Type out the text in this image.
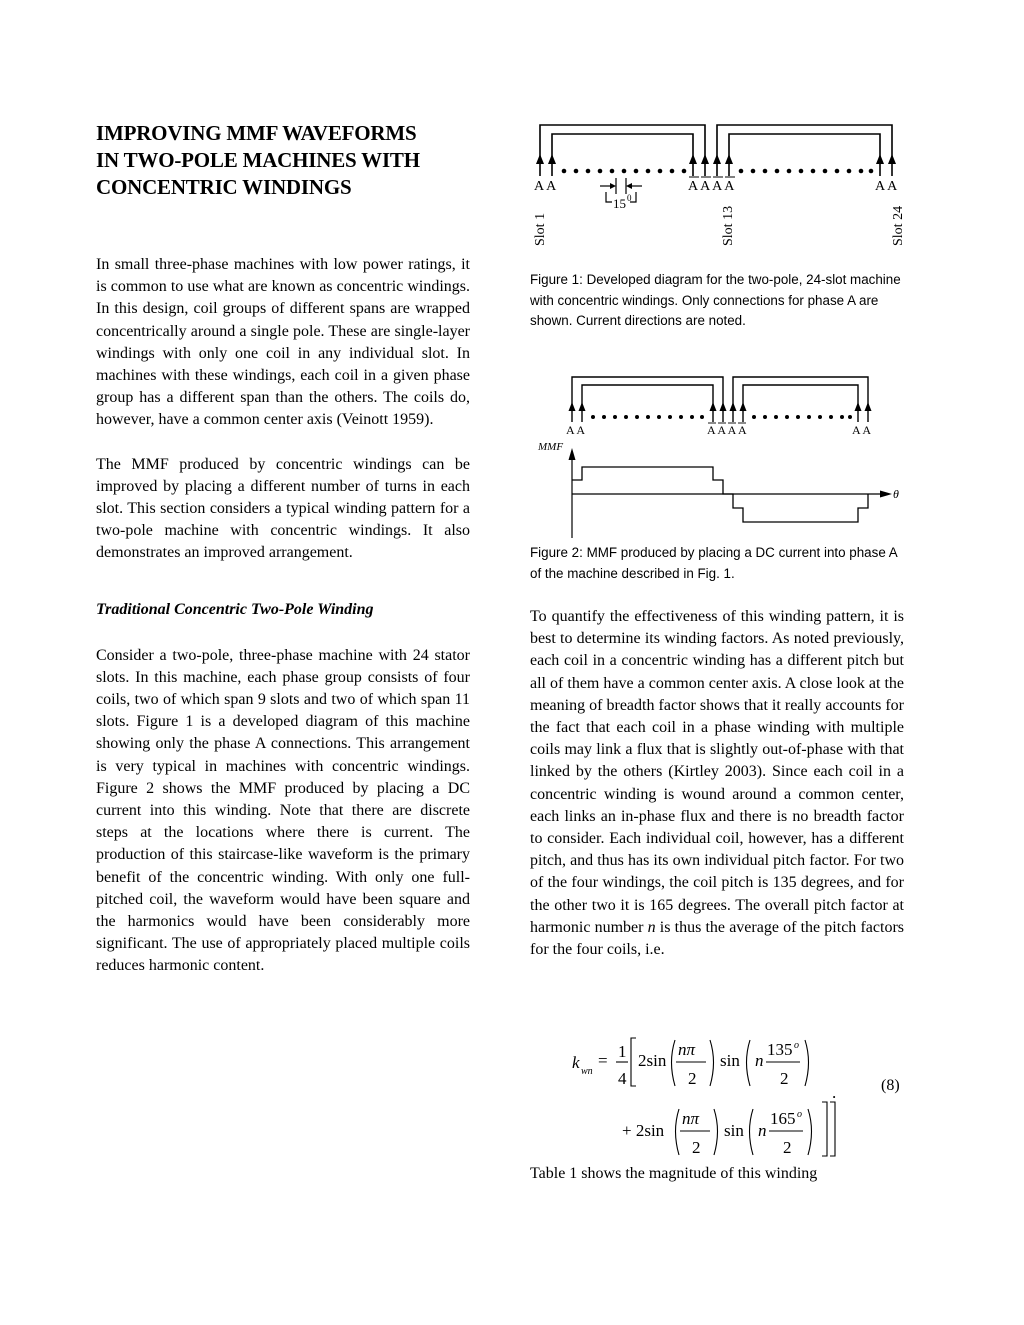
IMPROVING MMF WAVEFORMS
IN TWO-POLE MACHINES WITH
CONCENTRIC WINDINGS

In small three-phase machines with low power ratings, it is common to use what are known as concentric windings. In this design, coil groups of different spans are wrapped concentrically around a single pole. These are single-layer windings with only one coil in any individual slot. In machines with these windings, each coil in a given phase group has a different span than the others. The coils do, however, have a common center axis (Veinott 1959).

The MMF produced by concentric windings can be improved by placing a different number of turns in each slot. This section considers a typical winding pattern for a two-pole machine with concentric windings. It also demonstrates an improved arrangement.

Traditional Concentric Two-Pole Winding

Consider a two-pole, three-phase machine with 24 stator slots. In this machine, each phase group consists of four coils, two of which span 9 slots and two of which span 11 slots. Figure 1 is a developed diagram of this machine showing only the phase A connections. This arrangement is very typical in machines with concentric windings. Figure 2 shows the MMF produced by placing a DC current into this winding. Note that there are discrete steps at the locations where there is current. The production of this staircase-like waveform is the primary benefit of the concentric winding. With only one full-pitched coil, the waveform would have been square and the harmonics would have been considerably more significant. The use of appropriately placed multiple coils reduces harmonic content.

A A	A A A A	A A
15 0
Slot 1	Slot 13	Slot 24

Figure 1: Developed diagram for the two-pole, 24-slot machine with concentric windings. Only connections for phase A are shown. Current directions are noted.

A A	A A A A	A A
MMF
θ

Figure 2: MMF produced by placing a DC current into phase A of the machine described in Fig. 1.

To quantify the effectiveness of this winding pattern, it is best to determine its winding factors. As noted previously, each coil in a concentric winding has a different pitch but all of them have a common center axis. A close look at the meaning of breadth factor shows that it really accounts for the fact that each coil in a phase winding with multiple coils may link a flux that is slightly out-of-phase with that linked by the others (Kirtley 2003). Since each coil in a concentric winding is wound around a common center, each links an in-phase flux and there is no breadth factor to consider. Each individual coil, however, has a different pitch, and thus has its own individual pitch factor. For two of the four windings, the coil pitch is 135 degrees, and for the other two it is 165 degrees. The overall pitch factor at harmonic number n is thus the average of the pitch factors for the four coils, i.e.

k wn
= 1
4
2sin
nπ
2
sin n
135 o
2
.
+ 2sin
nπ
2
sin n
165 o
2
(8)

Table 1 shows the magnitude of this winding
